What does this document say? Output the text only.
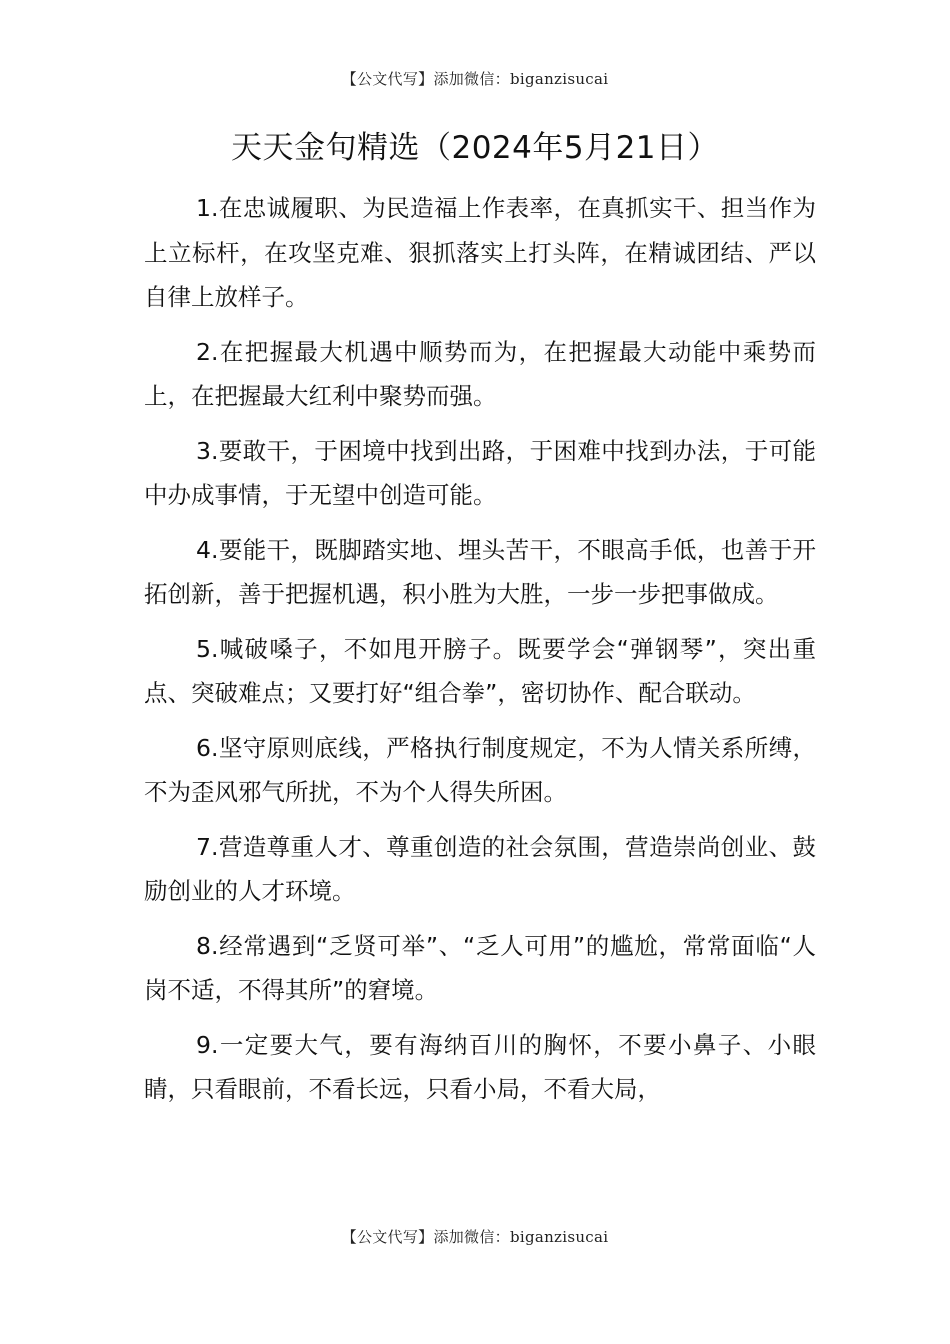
【公文代写】添加微信：biganzisucai
天天金句精选（2024年5月21日）

1.在忠诚履职、为民造福上作表率，在真抓实干、担当作为上立标杆，在攻坚克难、狠抓落实上打头阵，在精诚团结、严以自律上放样子。

2.在把握最大机遇中顺势而为，在把握最大动能中乘势而上，在把握最大红利中聚势而强。

3.要敢干，于困境中找到出路，于困难中找到办法，于可能中办成事情，于无望中创造可能。

4.要能干，既脚踏实地、埋头苦干，不眼高手低，也善于开拓创新，善于把握机遇，积小胜为大胜，一步一步把事做成。

5.喊破嗓子，不如甩开膀子。既要学会“弹钢琴”，突出重点、突破难点；又要打好“组合拳”，密切协作、配合联动。

6.坚守原则底线，严格执行制度规定，不为人情关系所缚，不为歪风邪气所扰，不为个人得失所困。

7.营造尊重人才、尊重创造的社会氛围，营造崇尚创业、鼓励创业的人才环境。

8.经常遇到“乏贤可举”、“乏人可用”的尴尬，常常面临“人岗不适，不得其所”的窘境。

9.一定要大气，要有海纳百川的胸怀，不要小鼻子、小眼睛，只看眼前，不看长远，只看小局，不看大局，

【公文代写】添加微信：biganzisucai
